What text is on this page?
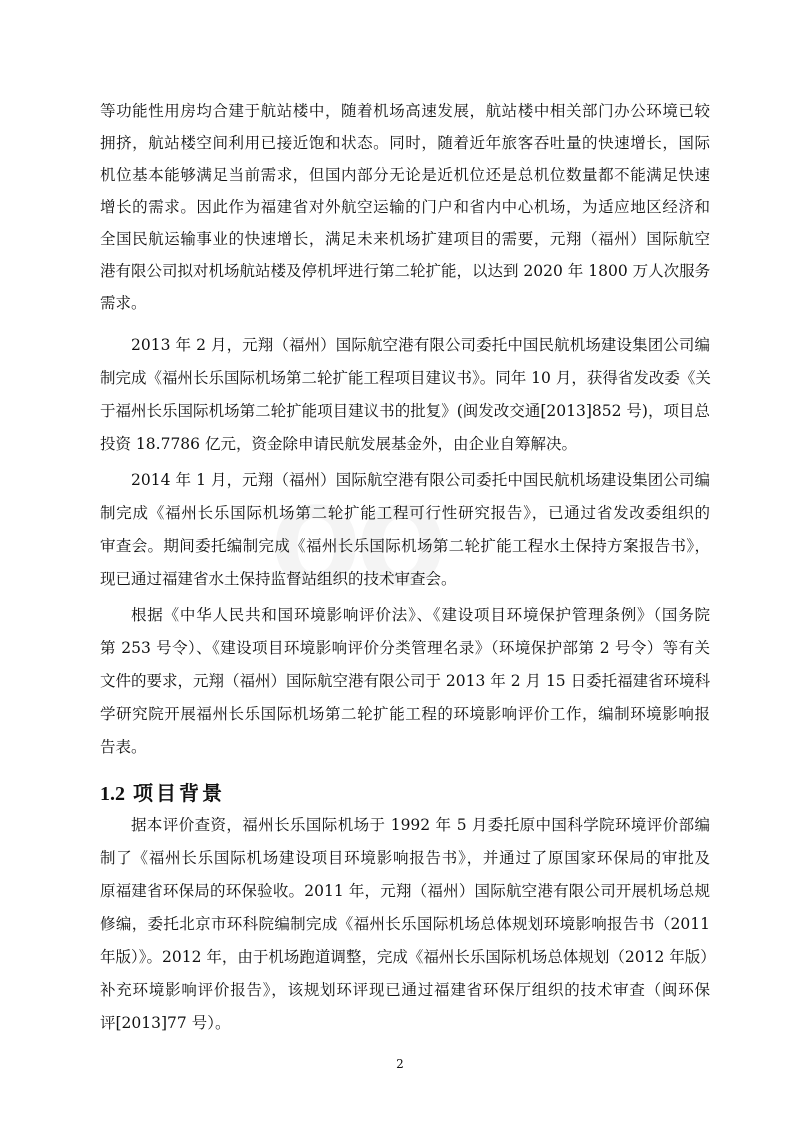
等功能性用房均合建于航站楼中，随着机场高速发展，航站楼中相关部门办公环境已较
拥挤，航站楼空间利用已接近饱和状态。同时，随着近年旅客吞吐量的快速增长，国际
机位基本能够满足当前需求，但国内部分无论是近机位还是总机位数量都不能满足快速
增长的需求。因此作为福建省对外航空运输的门户和省内中心机场，为适应地区经济和
全国民航运输事业的快速增长，满足未来机场扩建项目的需要，元翔（福州）国际航空
港有限公司拟对机场航站楼及停机坪进行第二轮扩能，以达到 2020 年 1800 万人次服务
需求。
2013 年 2 月，元翔（福州）国际航空港有限公司委托中国民航机场建设集团公司编
制完成《福州长乐国际机场第二轮扩能工程项目建议书》。同年 10 月，获得省发改委《关
于福州长乐国际机场第二轮扩能项目建议书的批复》(闽发改交通[2013]852 号)，项目总
投资 18.7786 亿元，资金除申请民航发展基金外，由企业自筹解决。
2014 年 1 月，元翔（福州）国际航空港有限公司委托中国民航机场建设集团公司编
制完成《福州长乐国际机场第二轮扩能工程可行性研究报告》，已通过省发改委组织的
审查会。期间委托编制完成《福州长乐国际机场第二轮扩能工程水土保持方案报告书》，
现已通过福建省水土保持监督站组织的技术审查会。
根据《中华人民共和国环境影响评价法》、《建设项目环境保护管理条例》（国务院
第 253 号令）、《建设项目环境影响评价分类管理名录》（环境保护部第 2 号令）等有关
文件的要求，元翔（福州）国际航空港有限公司于 2013 年 2 月 15 日委托福建省环境科
学研究院开展福州长乐国际机场第二轮扩能工程的环境影响评价工作，编制环境影响报
告表。
1.2 项目背景
据本评价查资，福州长乐国际机场于 1992 年 5 月委托原中国科学院环境评价部编
制了《福州长乐国际机场建设项目环境影响报告书》，并通过了原国家环保局的审批及
原福建省环保局的环保验收。2011 年，元翔（福州）国际航空港有限公司开展机场总规
修编，委托北京市环科院编制完成《福州长乐国际机场总体规划环境影响报告书（2011
年版）》。2012 年，由于机场跑道调整，完成《福州长乐国际机场总体规划（2012 年版）
补充环境影响评价报告》，该规划环评现已通过福建省环保厅组织的技术审查（闽环保
评[2013]77 号）。
2
